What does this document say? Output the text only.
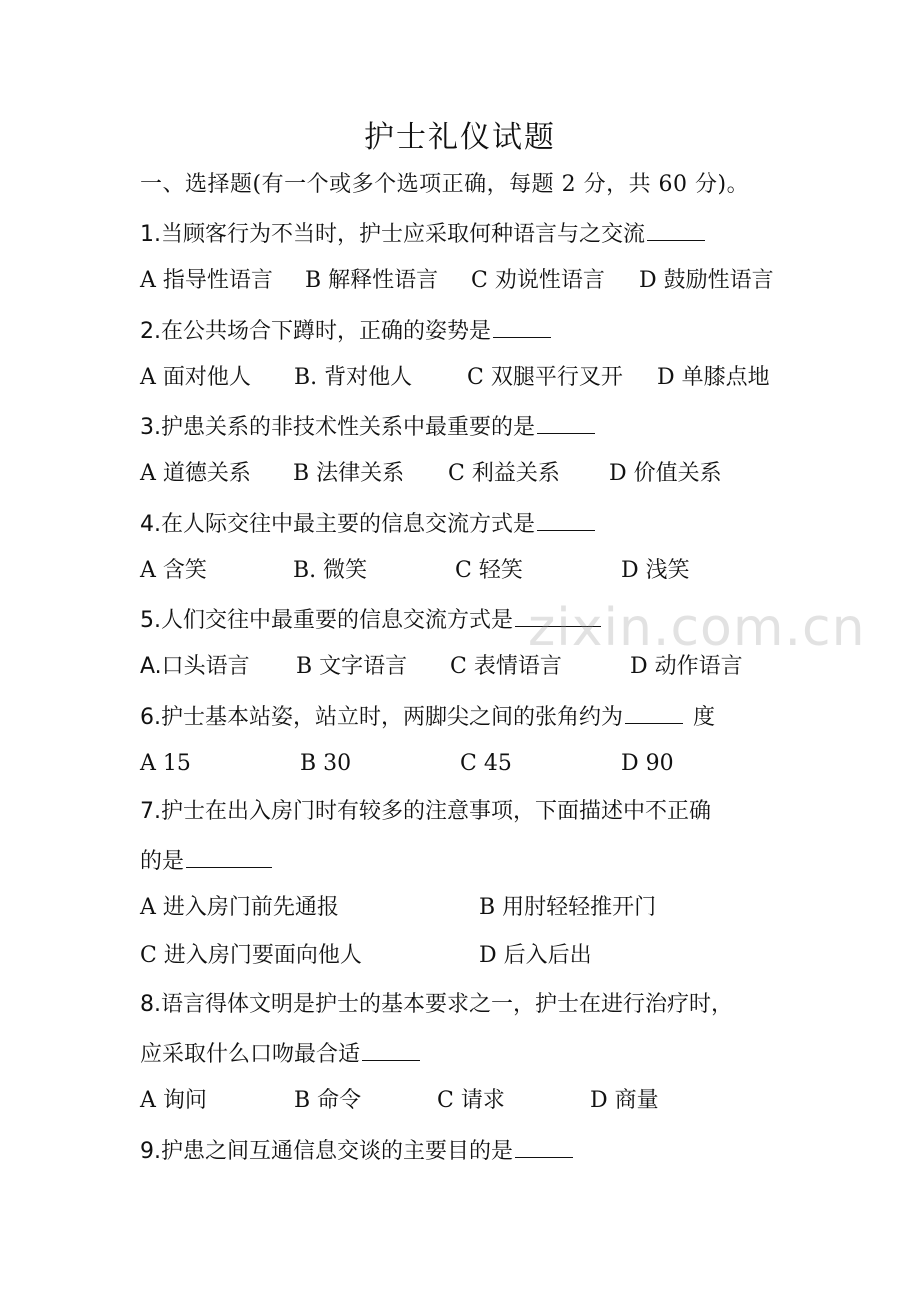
护士礼仪试题
一、选择题(有一个或多个选项正确，每题 2 分，共 60 分)。
1.当顾客行为不当时，护士应采取何种语言与之交流
A 指导性语言 B 解释性语言 C 劝说性语言 D 鼓励性语言
2.在公共场合下蹲时，正确的姿势是
A 面对他人 B. 背对他人 C 双腿平行叉开 D 单膝点地
3.护患关系的非技术性关系中最重要的是
A 道德关系 B 法律关系 C 利益关系 D 价值关系
4.在人际交往中最主要的信息交流方式是
A 含笑	B. 微笑	C 轻笑	D 浅笑
5.人们交往中最重要的信息交流方式是
A.口头语言 B 文字语言 C 表情语言	D 动作语言
6.护士基本站姿，站立时，两脚尖之间的张角约为	度
A 15	B 30	C 45	D 90
7.护士在出入房门时有较多的注意事项，下面描述中不正确
的是
A 进入房门前先通报	B 用肘轻轻推开门
C 进入房门要面向他人	D 后入后出
8.语言得体文明是护士的基本要求之一，护士在进行治疗时，
应采取什么口吻最合适
A 询问	B 命令	C 请求	D 商量
9.护患之间互通信息交谈的主要目的是
zixin.com.cn
